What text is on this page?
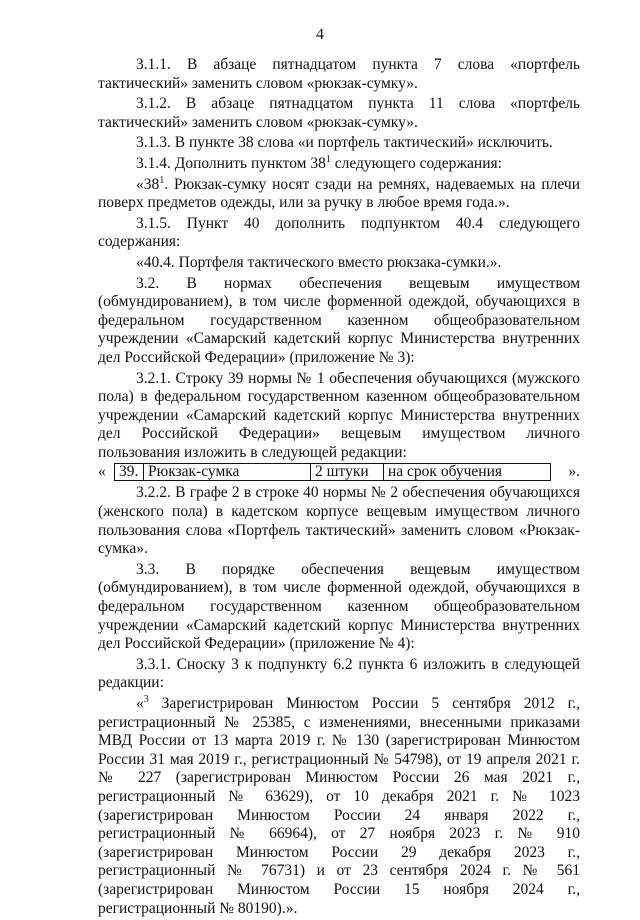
4

3.1.1. В абзаце пятнадцатом пункта 7 слова «портфель тактический» заменить словом «рюкзак-сумку».

3.1.2. В абзаце пятнадцатом пункта 11 слова «портфель тактический» заменить словом «рюкзак-сумку».

3.1.3. В пункте 38 слова «и портфель тактический» исключить.

3.1.4. Дополнить пунктом $38^1$ следующего содержания:

«$38^1$. Рюкзак-сумку носят сзади на ремнях, надеваемых на плечи поверх предметов одежды, или за ручку в любое время года.».

3.1.5. Пункт 40 дополнить подпунктом 40.4 следующего содержания:

«40.4. Портфеля тактического вместо рюкзака-сумки.».

3.2. В нормах обеспечения вещевым имуществом (обмундированием), в том числе форменной одеждой, обучающихся в федеральном государственном казенном общеобразовательном учреждении «Самарский кадетский корпус Министерства внутренних дел Российской Федерации» (приложение № 3):

3.2.1. Строку 39 нормы № 1 обеспечения обучающихся (мужского пола) в федеральном государственном казенном общеобразовательном учреждении «Самарский кадетский корпус Министерства внутренних дел Российской Федерации» вещевым имуществом личного пользования изложить в следующей редакции:

« 39.	Рюкзак-сумка	2 штуки	на срок обучения	».

3.2.2. В графе 2 в строке 40 нормы № 2 обеспечения обучающихся (женского пола) в кадетском корпусе вещевым имуществом личного пользования слова «Портфель тактический» заменить словом «Рюкзак-сумка».

3.3. В порядке обеспечения вещевым имуществом (обмундированием), в том числе форменной одеждой, обучающихся в федеральном государственном казенном общеобразовательном учреждении «Самарский кадетский корпус Министерства внутренних дел Российской Федерации» (приложение № 4):

3.3.1. Сноску 3 к подпункту 6.2 пункта 6 изложить в следующей редакции:

«$^3$ Зарегистрирован Минюстом России 5 сентября 2012 г., регистрационный № 25385, с изменениями, внесенными приказами МВД России от 13 марта 2019 г. № 130 (зарегистрирован Минюстом России 31 мая 2019 г., регистрационный № 54798), от 19 апреля 2021 г. № 227 (зарегистрирован Минюстом России 26 мая 2021 г., регистрационный № 63629), от 10 декабря 2021 г. № 1023 (зарегистрирован Минюстом России 24 января 2022 г., регистрационный № 66964), от 27 ноября 2023 г. № 910 (зарегистрирован Минюстом России 29 декабря 2023 г., регистрационный № 76731) и от 23 сентября 2024 г. № 561 (зарегистрирован Минюстом России 15 ноября 2024 г., регистрационный № 80190).».
